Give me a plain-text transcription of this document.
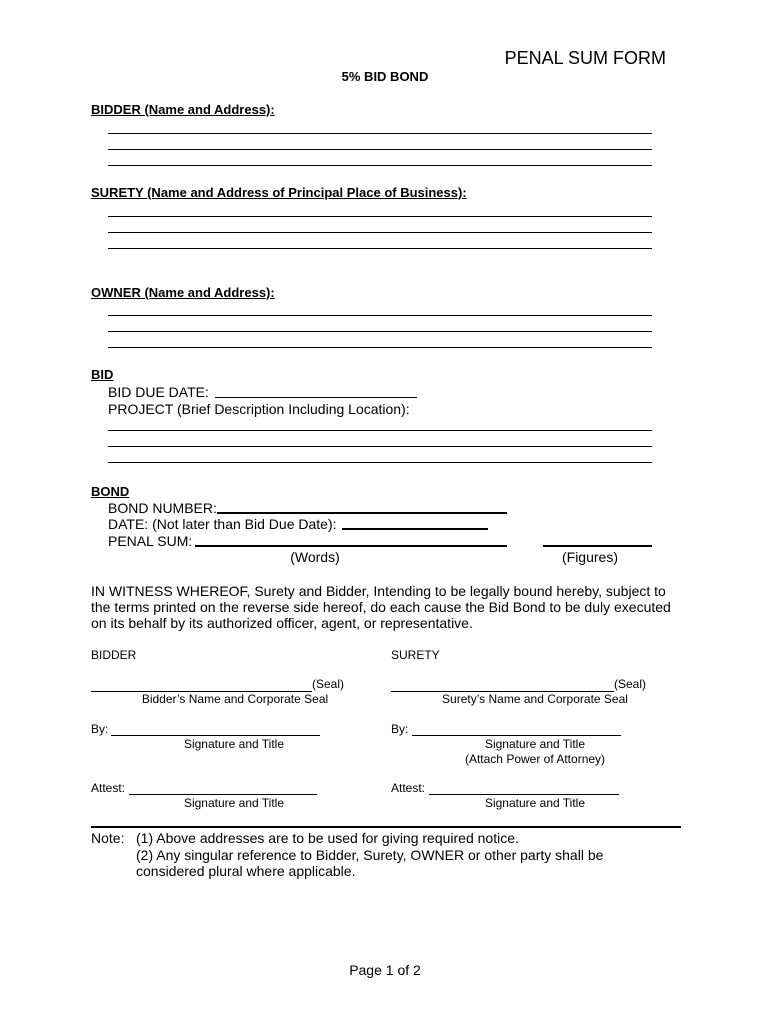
PENAL SUM FORM
5% BID BOND
BIDDER (Name and Address):
SURETY (Name and Address of Principal Place of Business):
OWNER (Name and Address):
BID
BID DUE DATE:
PROJECT (Brief Description Including Location):
BOND
BOND NUMBER:
DATE: (Not later than Bid Due Date):
PENAL SUM:
(Words)	(Figures)
IN WITNESS WHEREOF, Surety and Bidder, Intending to be legally bound hereby, subject to
the terms printed on the reverse side hereof, do each cause the Bid Bond to be duly executed
on its behalf by its authorized officer, agent, or representative.
BIDDER
(Seal)
Bidder’s Name and Corporate Seal
By:
Signature and Title
Attest:
Signature and Title
SURETY
(Seal)
Surety’s Name and Corporate Seal
By:
Signature and Title
(Attach Power of Attorney)
Attest:
Signature and Title
Note: (1) Above addresses are to be used for giving required notice.
(2) Any singular reference to Bidder, Surety, OWNER or other party shall be
considered plural where applicable.
Page 1 of 2
